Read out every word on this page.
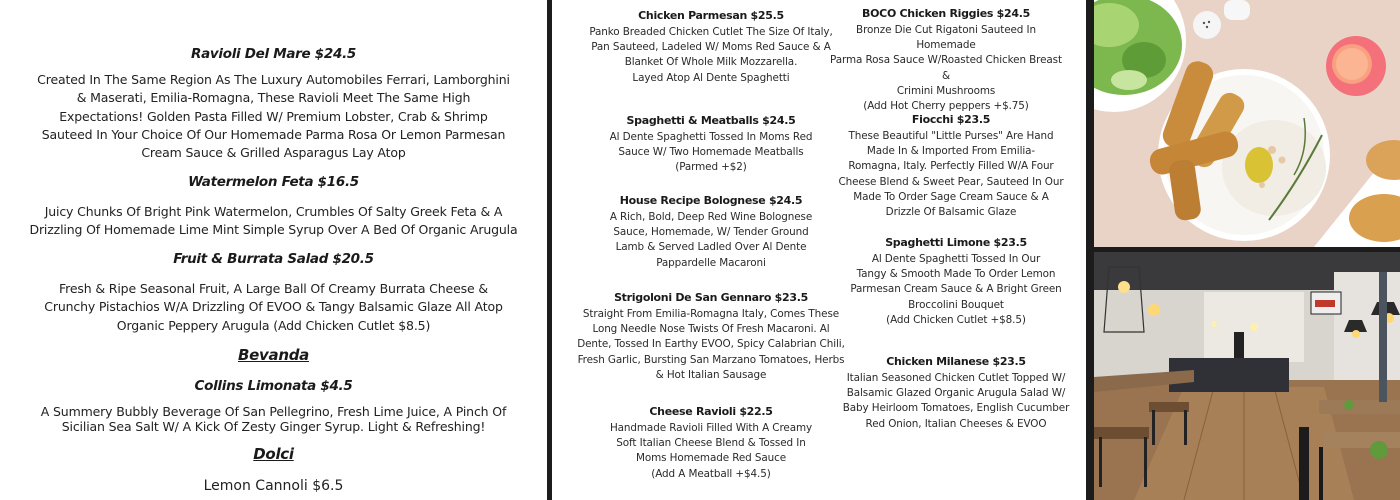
Ravioli Del Mare $24.5
Created In The Same Region As The Luxury Automobiles Ferrari, Lamborghini & Maserati, Emilia-Romagna, These Ravioli Meet The Same High Expectations! Golden Pasta Filled W/ Premium Lobster, Crab & Shrimp Sauteed In Your Choice Of Our Homemade Parma Rosa Or Lemon Parmesan Cream Sauce & Grilled Asparagus Lay Atop
Watermelon Feta $16.5
Juicy Chunks Of Bright Pink Watermelon, Crumbles Of Salty Greek Feta & A Drizzling Of Homemade Lime Mint Simple Syrup Over A Bed Of Organic Arugula
Fruit & Burrata Salad $20.5
Fresh & Ripe Seasonal Fruit, A Large Ball Of Creamy Burrata Cheese & Crunchy Pistachios W/A Drizzling Of EVOO & Tangy Balsamic Glaze All Atop Organic Peppery Arugula (Add Chicken Cutlet $8.5)
Bevanda
Collins Limonata $4.5
A Summery Bubbly Beverage Of San Pellegrino, Fresh Lime Juice, A Pinch Of Sicilian Sea Salt W/ A Kick Of Zesty Ginger Syrup. Light & Refreshing!
Dolci
Lemon Cannoli $6.5
Chicken Parmesan $25.5
Panko Breaded Chicken Cutlet The Size Of Italy,
Pan Sauteed, Ladeled W/ Moms Red Sauce & A
Blanket Of Whole Milk Mozzarella.
Layed Atop Al Dente Spaghetti
Spaghetti & Meatballs $24.5
Al Dente Spaghetti Tossed In Moms Red
Sauce W/ Two Homemade Meatballs
(Parmed +$2)
House Recipe Bolognese $24.5
A Rich, Bold, Deep Red Wine Bolognese
Sauce, Homemade, W/ Tender Ground
Lamb & Served Ladled Over Al Dente
Pappardelle Macaroni
Strigoloni De San Gennaro $23.5
Straight From Emilia-Romagna Italy, Comes These
Long Needle Nose Twists Of Fresh Macaroni. Al
Dente, Tossed In Earthy EVOO, Spicy Calabrian Chili,
Fresh Garlic, Bursting San Marzano Tomatoes, Herbs
& Hot Italian Sausage
Cheese Ravioli $22.5
Handmade Ravioli Filled With A Creamy
Soft Italian Cheese Blend & Tossed In
Moms Homemade Red Sauce
(Add A Meatball +$4.5)
BOCO Chicken Riggies $24.5
Bronze Die Cut Rigatoni Sauteed In Homemade
Parma Rosa Sauce W/Roasted Chicken Breast &
Crimini Mushrooms
(Add Hot Cherry peppers +$.75)
Fiocchi $23.5
These Beautiful "Little Purses" Are Hand
Made In & Imported From Emilia-
Romagna, Italy. Perfectly Filled W/A Four
Cheese Blend & Sweet Pear, Sauteed In Our
Made To Order Sage Cream Sauce & A
Drizzle Of Balsamic Glaze
Spaghetti Limone $23.5
Al Dente Spaghetti Tossed In Our
Tangy & Smooth Made To Order Lemon
Parmesan Cream Sauce & A Bright Green
Broccolini Bouquet
(Add Chicken Cutlet +$8.5)
Chicken Milanese $23.5
Italian Seasoned Chicken Cutlet Topped W/
Balsamic Glazed Organic Arugula Salad W/
Baby Heirloom Tomatoes, English Cucumber
Red Onion, Italian Cheeses & EVOO
